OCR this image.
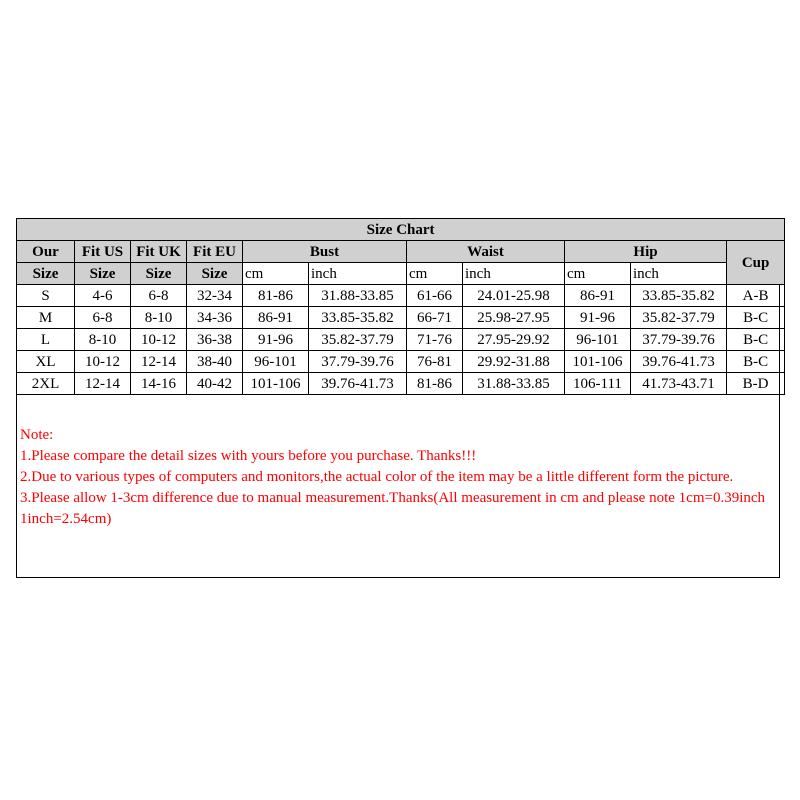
Size Chart										
Our	Fit US	Fit UK	Fit EU	Bust		Waist		Hip		Cup
Size	Size	Size	Size	cm	inch	cm	inch	cm	inch	
S	4-6	6-8	32-34	81-86	31.88-33.85	61-66	24.01-25.98	86-91	33.85-35.82	A-B
M	6-8	8-10	34-36	86-91	33.85-35.82	66-71	25.98-27.95	91-96	35.82-37.79	B-C
L	8-10	10-12	36-38	91-96	35.82-37.79	71-76	27.95-29.92	96-101	37.79-39.76	B-C
XL	10-12	12-14	38-40	96-101	37.79-39.76	76-81	29.92-31.88	101-106	39.76-41.73	B-C
2XL	12-14	14-16	40-42	101-106	39.76-41.73	81-86	31.88-33.85	106-111	41.73-43.71	B-D
Note:
1.Please compare the detail sizes with yours before you purchase. Thanks!!!
2.Due to various types of computers and monitors,the actual color of the item may be a little different form the picture.
3.Please allow 1-3cm difference due to manual measurement.Thanks(All measurement in cm and please note 1cm=0.39inch 1inch=2.54cm)
